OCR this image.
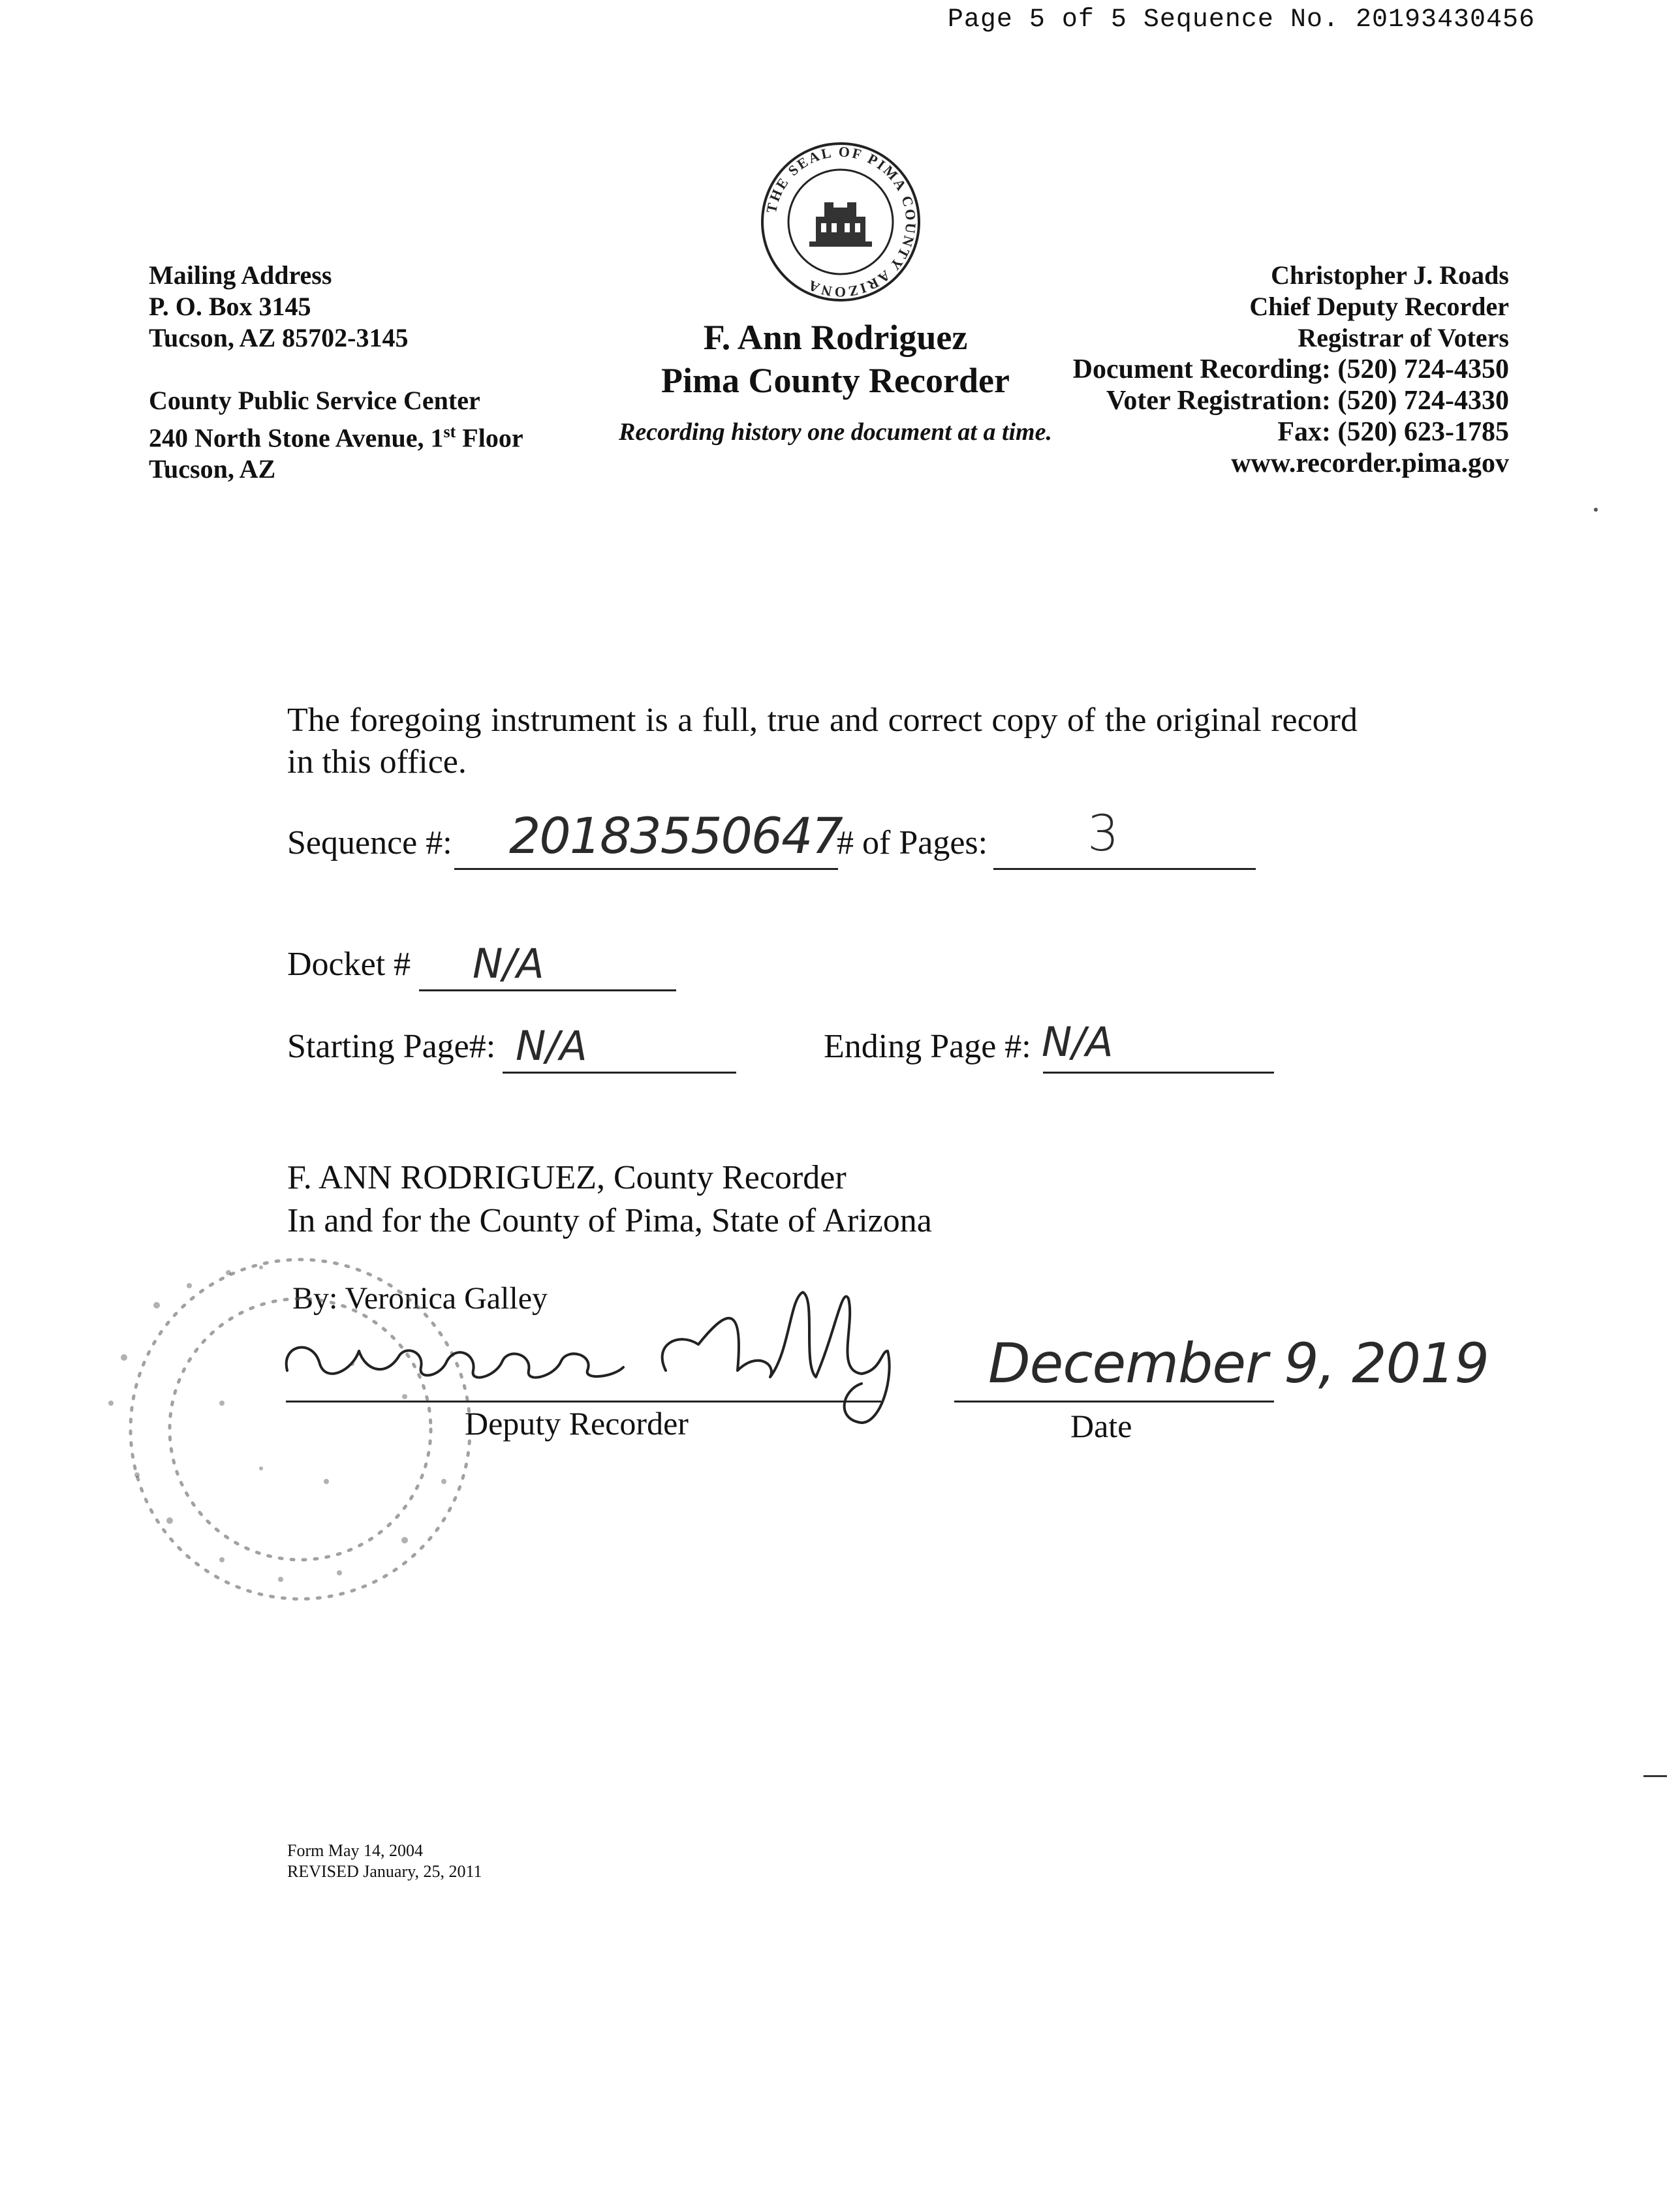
Page 5 of 5 Sequence No. 20193430456
THE SEAL OF PIMA COUNTY ARIZONA
Mailing Address
P. O. Box 3145
Tucson, AZ 85702-3145
County Public Service Center
240 North Stone Avenue, 1st Floor
Tucson, AZ
F. Ann Rodriguez
Pima County Recorder
Recording history one document at a time.
Christopher J. Roads
Chief Deputy Recorder
Registrar of Voters
Document Recording: (520) 724-4350
Voter Registration: (520) 724-4330
Fax: (520) 623-1785
www.recorder.pima.gov
The foregoing instrument is a full, true and correct copy of the original record in this office.
Sequence #: 20183550647
# of Pages: 3
Docket # N/A
Starting Page#: N/A	Ending Page #: N/A
F. ANN RODRIGUEZ, County Recorder
In and for the County of Pima, State of Arizona
By: Veronica Galley
December 9, 2019
Deputy Recorder	Date
Form May 14, 2004
REVISED January, 25, 2011
